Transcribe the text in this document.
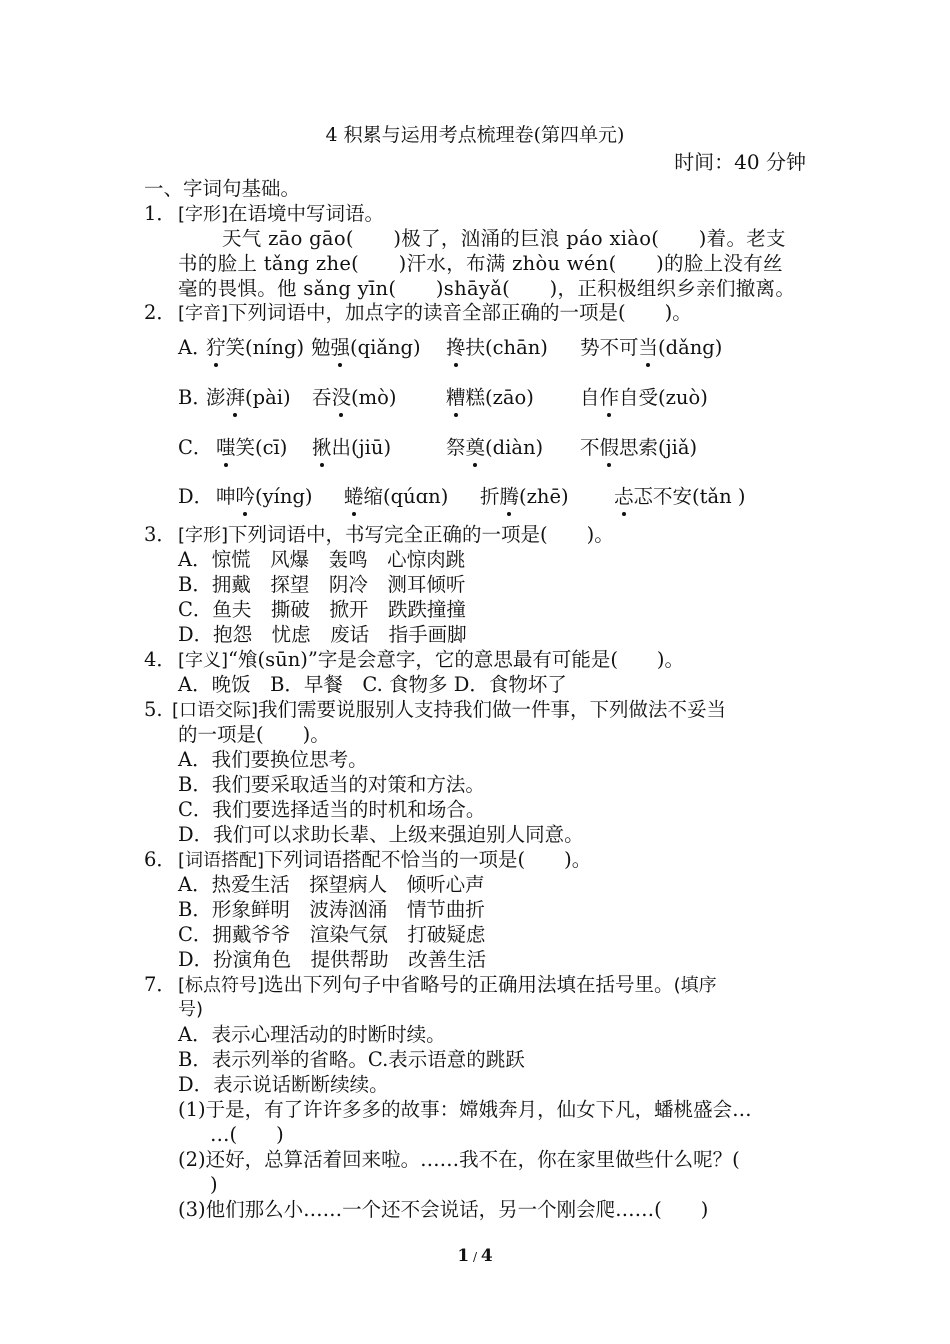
4 积累与运用考点梳理卷(第四单元)
时间：40 分钟
一、字词句基础。
1． [字形]在语境中写词语。
天气 zāo gāo(　　)极了，汹涌的巨浪 páo xiào(　　)着。老支
书的脸上 tǎng zhe(　　)汗水，布满 zhòu wén(　　)的脸上没有丝
毫的畏惧。他 sǎng yīn(　　)shāyǎ(　　)，正积极组织乡亲们撤离。
2． [字音]下列词语中，加点字的读音全部正确的一项是(　　)。
A．
狞笑(níng) 勉强(qiǎng) 搀扶(chān) 势不可当(dǎng)
B．
澎湃(pài) 吞没(mò)	糟糕(zāo) 自作自受(zuò)
C． 嗤笑(cī) 揪出(jiū)	祭奠(diàn) 不假思索(jiǎ)
D． 呻吟(yíng) 蜷缩(qúɑn) 折腾(zhē) 忐忑不安(tǎn )
3． [字形]下列词语中，书写完全正确的一项是(　　)。
A．惊慌　风爆　轰鸣　心惊肉跳
B．拥戴　探望　阴冷　测耳倾听
C．鱼夫　撕破　掀开　跌跌撞撞
D．抱怨　忧虑　废话　指手画脚
4． [字义]“飧(sūn)”字是会意字，它的意思最有可能是(　　)。
A．晚饭　B．早餐　C. 食物多 D．食物坏了
5.[口语交际]我们需要说服别人支持我们做一件事，下列做法不妥当
的一项是(　　)。
A．我们要换位思考。
B．我们要采取适当的对策和方法。
C．我们要选择适当的时机和场合。
D．我们可以求助长辈、上级来强迫别人同意。
6． [词语搭配]下列词语搭配不恰当的一项是(　　)。
A．热爱生活　探望病人　倾听心声
B．形象鲜明　波涛汹涌　情节曲折
C．拥戴爷爷　渲染气氛　打破疑虑
D．扮演角色　提供帮助　改善生活
7． [标点符号]选出下列句子中省略号的正确用法填在括号里。(填序
号)
A．表示心理活动的时断时续。
B．表示列举的省略。C.表示语意的跳跃
D．表示说话断断续续。
(1)于是，有了许许多多的故事：嫦娥奔月，仙女下凡，蟠桃盛会…
…(　　)
(2)还好，总算活着回来啦。……我不在，你在家里做些什么呢？(
)
(3)他们那么小……一个还不会说话，另一个刚会爬……(　　)
1 / 4
